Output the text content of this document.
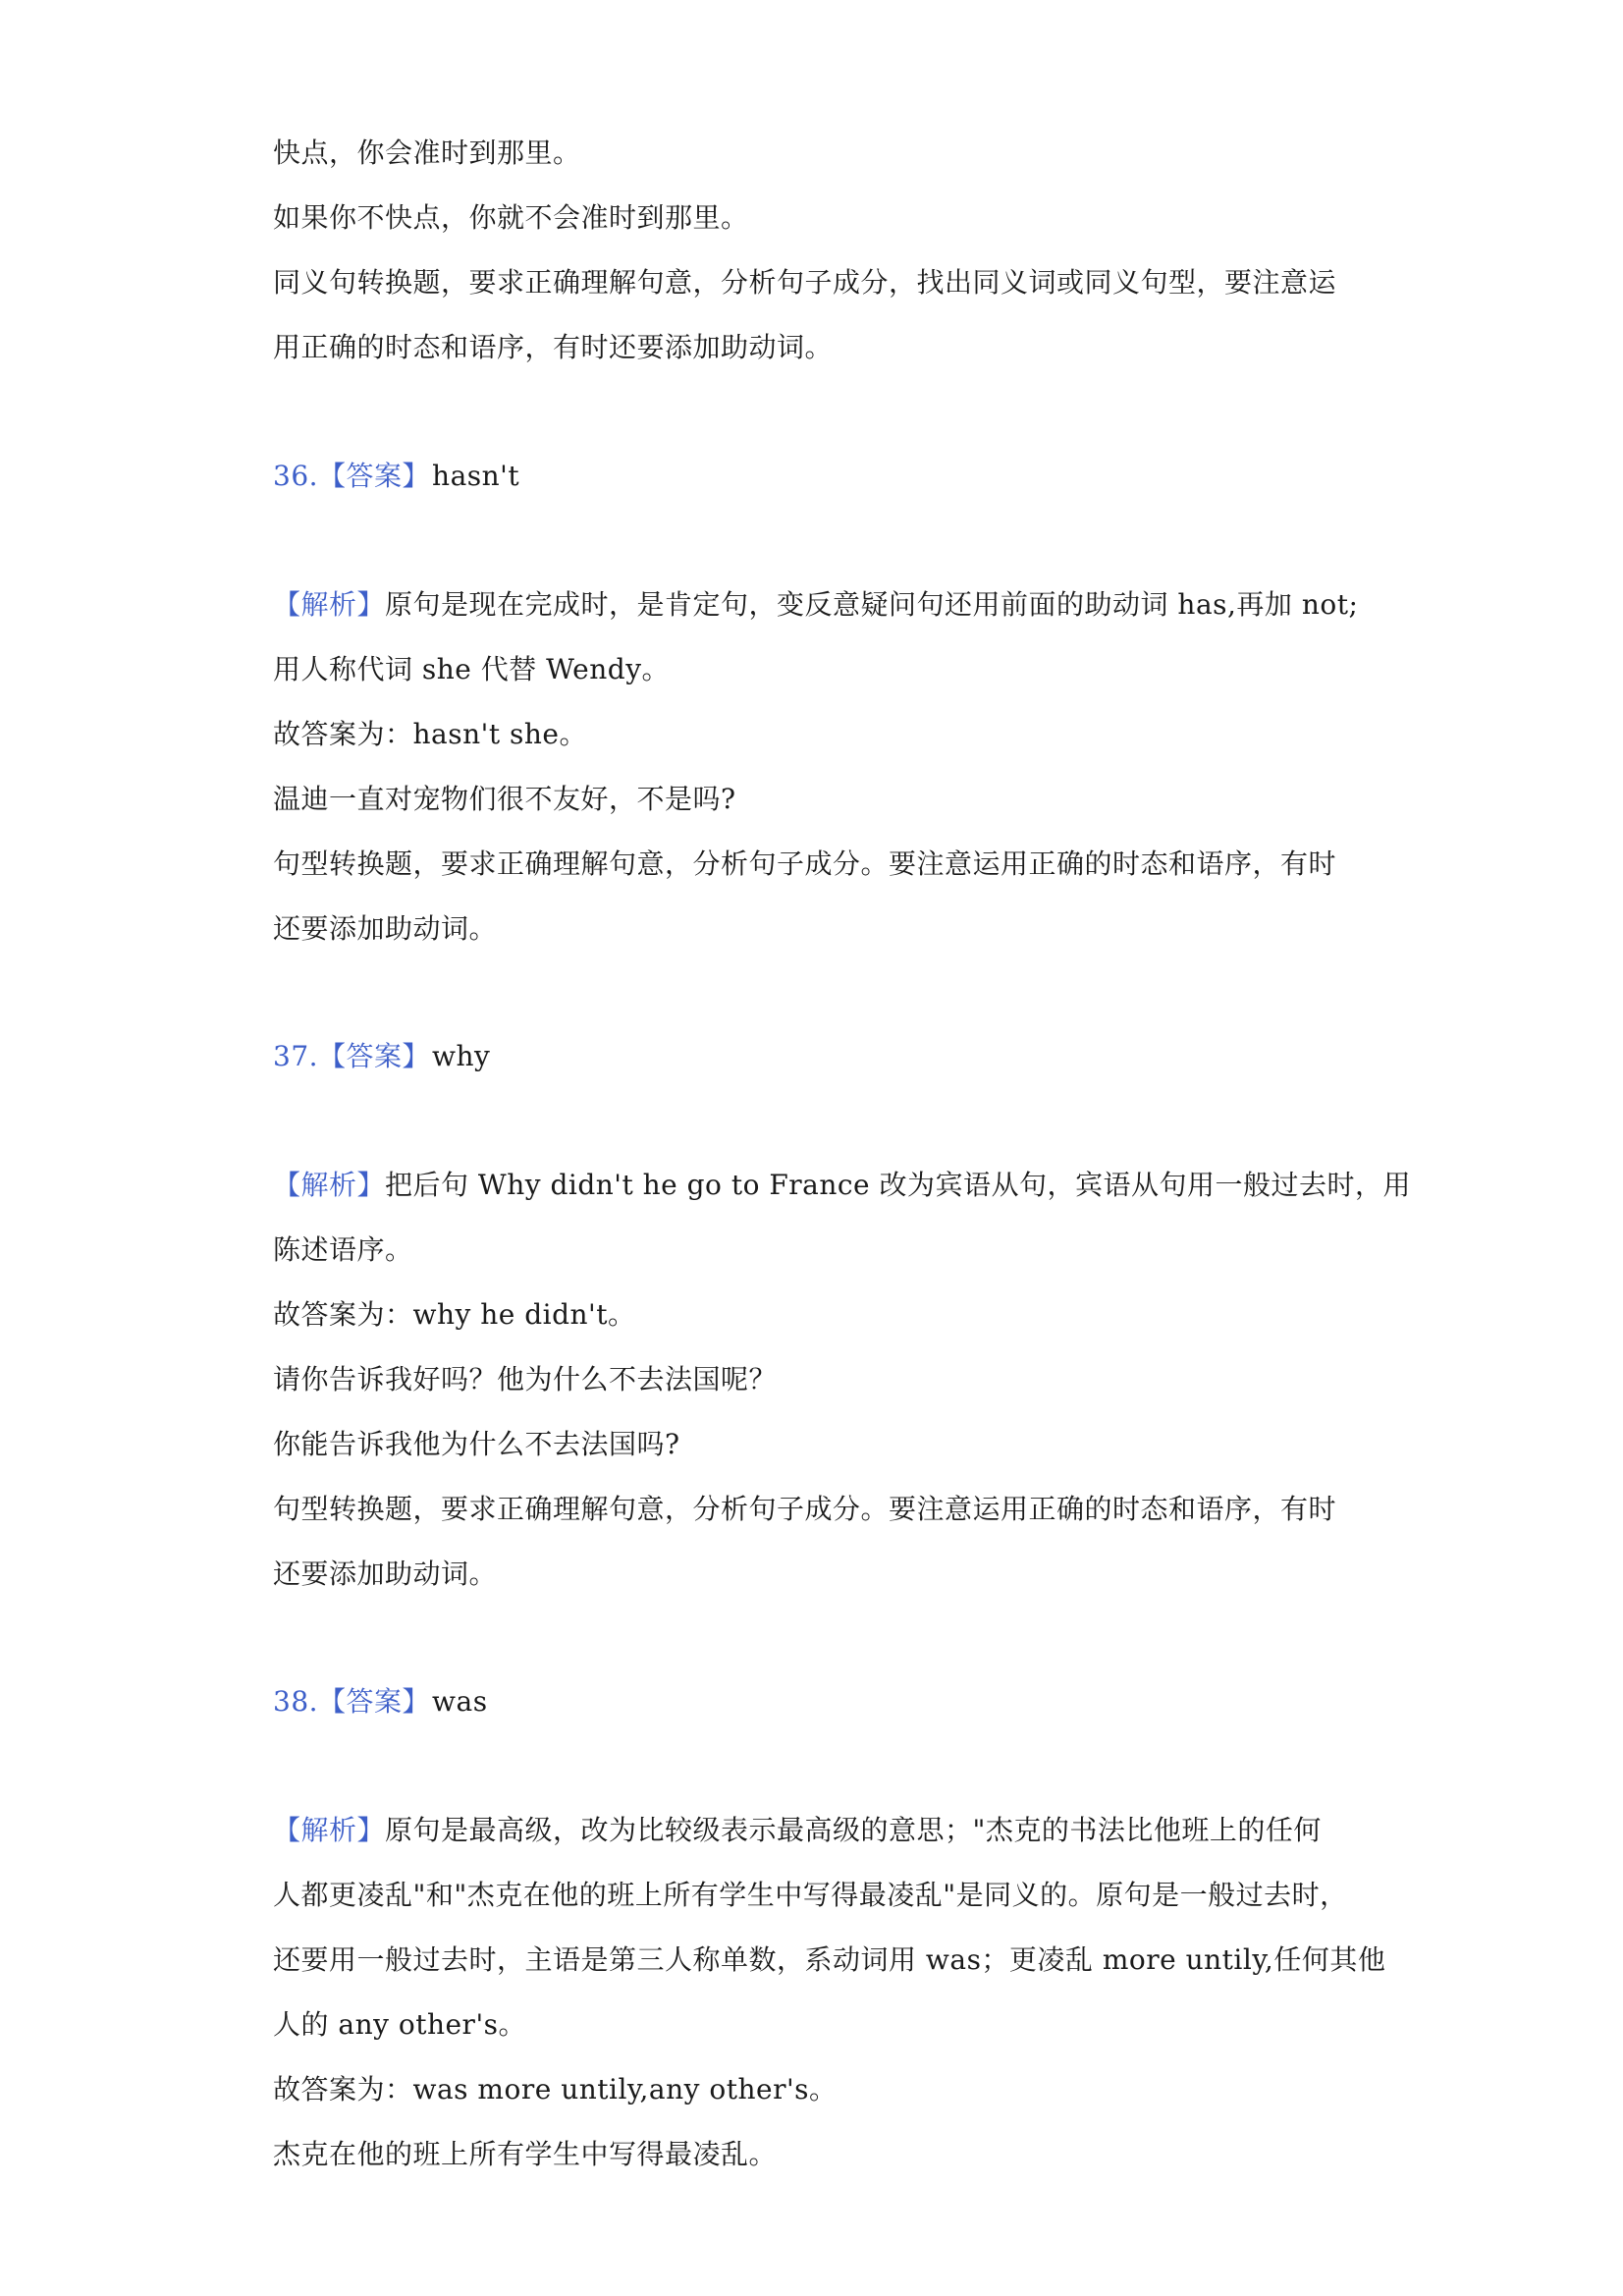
快点，你会准时到那里。
如果你不快点，你就不会准时到那里。
同义句转换题，要求正确理解句意，分析句子成分，找出同义词或同义句型，要注意运
用正确的时态和语序，有时还要添加助动词。
36.【答案】hasn't
【解析】原句是现在完成时，是肯定句，变反意疑问句还用前面的助动词 has,再加 not;
用人称代词 she 代替 Wendy。
故答案为：hasn't she。
温迪一直对宠物们很不友好，不是吗?
句型转换题，要求正确理解句意，分析句子成分。要注意运用正确的时态和语序，有时
还要添加助动词。
37.【答案】why
【解析】把后句 Why didn't he go to France 改为宾语从句，宾语从句用一般过去时，用
陈述语序。
故答案为：why he didn't。
请你告诉我好吗？他为什么不去法国呢？
你能告诉我他为什么不去法国吗?
句型转换题，要求正确理解句意，分析句子成分。要注意运用正确的时态和语序，有时
还要添加助动词。
38.【答案】was
【解析】原句是最高级，改为比较级表示最高级的意思；"杰克的书法比他班上的任何
人都更凌乱"和"杰克在他的班上所有学生中写得最凌乱"是同义的。原句是一般过去时，
还要用一般过去时，主语是第三人称单数，系动词用 was；更凌乱 more untily,任何其他
人的 any other's。
故答案为：was more untily,any other's。
杰克在他的班上所有学生中写得最凌乱。
